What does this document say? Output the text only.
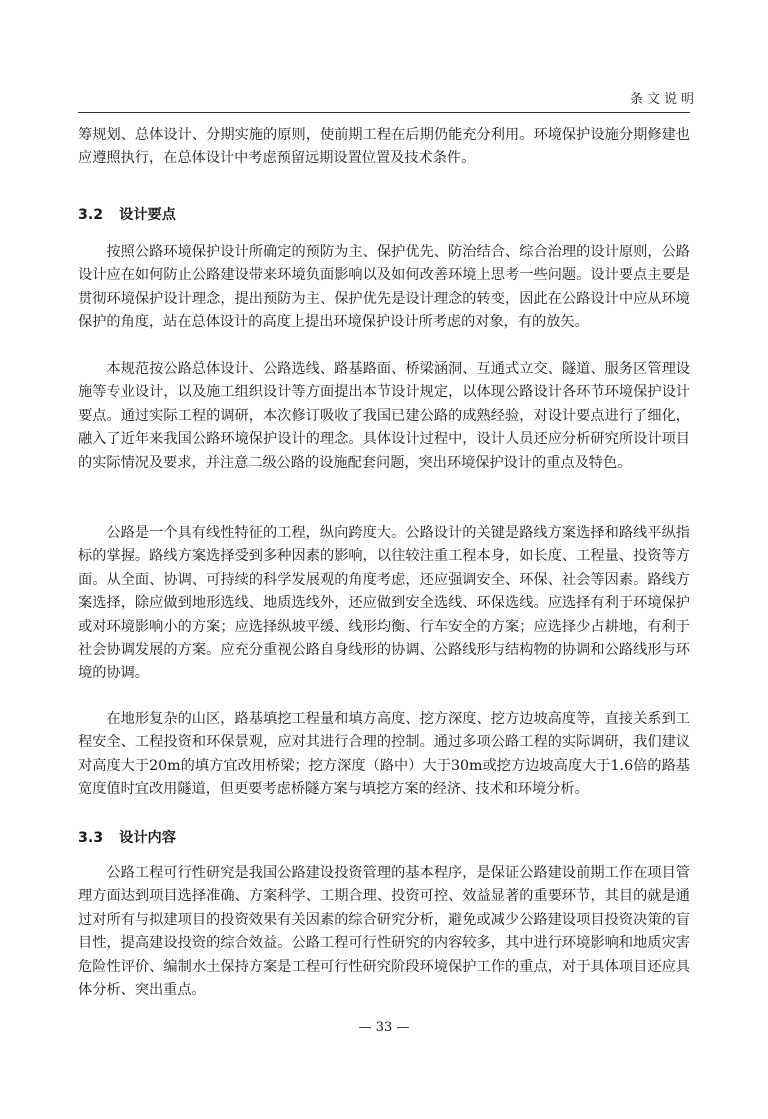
条文说明

筹规划、总体设计、分期实施的原则，使前期工程在后期仍能充分利用。环境保护设施分期修建也应遵照执行，在总体设计中考虑预留远期设置位置及技术条件。

3.2 设计要点

按照公路环境保护设计所确定的预防为主、保护优先、防治结合、综合治理的设计原则，公路设计应在如何防止公路建设带来环境负面影响以及如何改善环境上思考一些问题。设计要点主要是贯彻环境保护设计理念，提出预防为主、保护优先是设计理念的转变，因此在公路设计中应从环境保护的角度，站在总体设计的高度上提出环境保护设计所考虑的对象，有的放矢。

本规范按公路总体设计、公路选线、路基路面、桥梁涵洞、互通式立交、隧道、服务区管理设施等专业设计，以及施工组织设计等方面提出本节设计规定，以体现公路设计各环节环境保护设计要点。通过实际工程的调研，本次修订吸收了我国已建公路的成熟经验，对设计要点进行了细化，融入了近年来我国公路环境保护设计的理念。具体设计过程中，设计人员还应分析研究所设计项目的实际情况及要求，并注意二级公路的设施配套问题，突出环境保护设计的重点及特色。

公路是一个具有线性特征的工程，纵向跨度大。公路设计的关键是路线方案选择和路线平纵指标的掌握。路线方案选择受到多种因素的影响，以往较注重工程本身，如长度、工程量、投资等方面。从全面、协调、可持续的科学发展观的角度考虑，还应强调安全、环保、社会等因素。路线方案选择，除应做到地形选线、地质选线外，还应做到安全选线、环保选线。应选择有利于环境保护或对环境影响小的方案；应选择纵坡平缓、线形均衡、行车安全的方案；应选择少占耕地，有利于社会协调发展的方案。应充分重视公路自身线形的协调、公路线形与结构物的协调和公路线形与环境的协调。

在地形复杂的山区，路基填挖工程量和填方高度、挖方深度、挖方边坡高度等，直接关系到工程安全、工程投资和环保景观，应对其进行合理的控制。通过多项公路工程的实际调研，我们建议对高度大于20m的填方宜改用桥梁；挖方深度（路中）大于30m或挖方边坡高度大于1.6倍的路基宽度值时宜改用隧道，但更要考虑桥隧方案与填挖方案的经济、技术和环境分析。

3.3 设计内容

公路工程可行性研究是我国公路建设投资管理的基本程序，是保证公路建设前期工作在项目管理方面达到项目选择准确、方案科学、工期合理、投资可控、效益显著的重要环节，其目的就是通过对所有与拟建项目的投资效果有关因素的综合研究分析，避免或减少公路建设项目投资决策的盲目性，提高建设投资的综合效益。公路工程可行性研究的内容较多，其中进行环境影响和地质灾害危险性评价、编制水土保持方案是工程可行性研究阶段环境保护工作的重点，对于具体项目还应具体分析、突出重点。

— 33 —
